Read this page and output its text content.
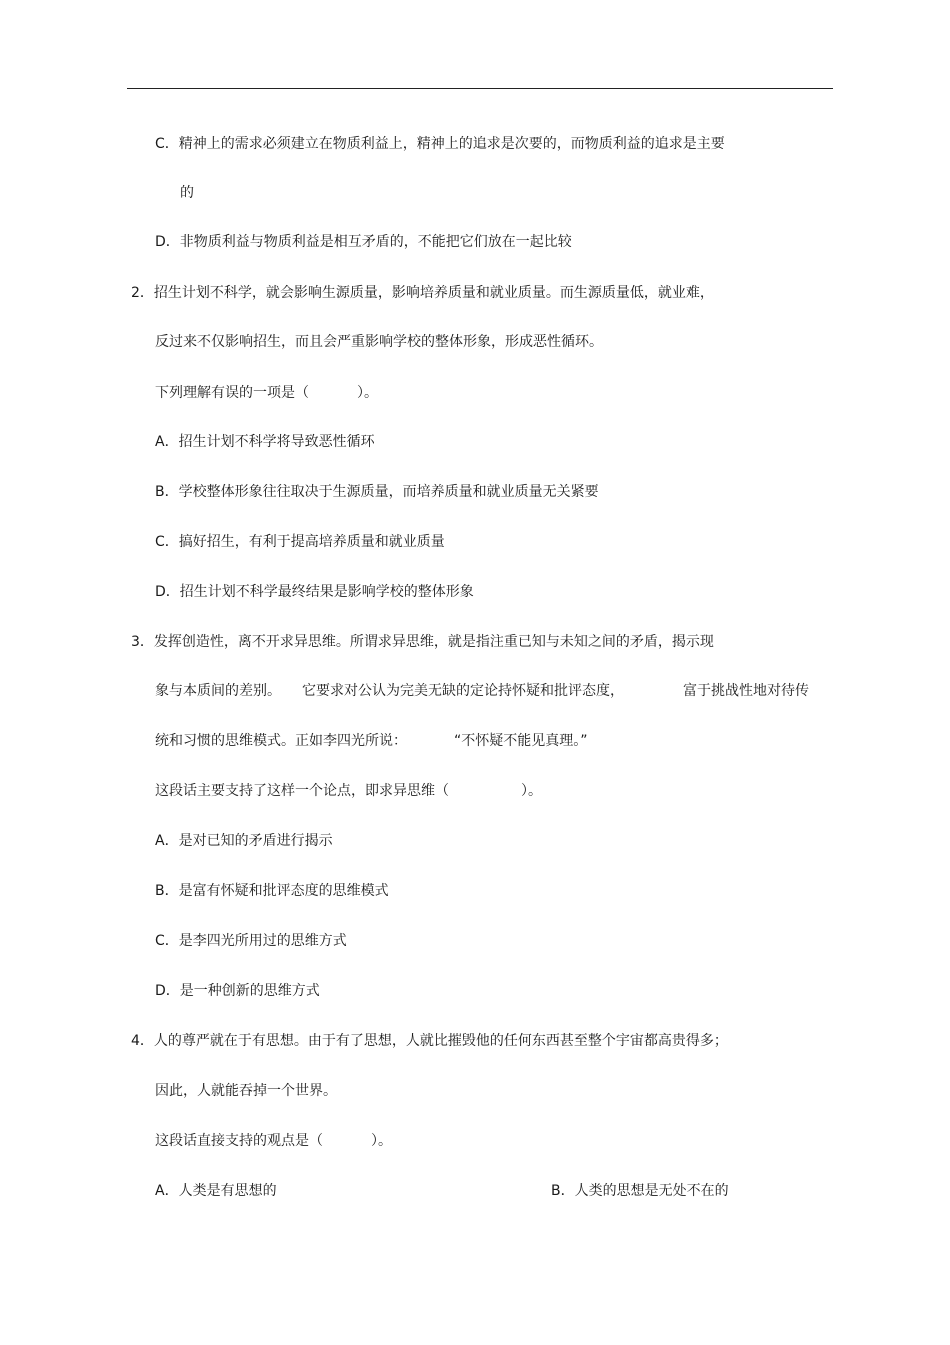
C．精神上的需求必须建立在物质利益上，精神上的追求是次要的，而物质利益的追求是主要
的
D．非物质利益与物质利益是相互矛盾的，不能把它们放在一起比较
2．招生计划不科学，就会影响生源质量，影响培养质量和就业质量。而生源质量低，就业难，
反过来不仅影响招生，而且会严重影响学校的整体形象，形成恶性循环。
下列理解有误的一项是（	）。
A．招生计划不科学将导致恶性循环
B．学校整体形象往往取决于生源质量，而培养质量和就业质量无关紧要
C．搞好招生，有利于提高培养质量和就业质量
D．招生计划不科学最终结果是影响学校的整体形象
3．发挥创造性，离不开求异思维。所谓求异思维，就是指注重已知与未知之间的矛盾，揭示现
象与本质间的差别。 它要求对公认为完美无缺的定论持怀疑和批评态度，	富于挑战性地对待传
统和习惯的思维模式。正如李四光所说：	“不怀疑不能见真理。”
这段话主要支持了这样一个论点，即求异思维（	）。
A．是对已知的矛盾进行揭示
B．是富有怀疑和批评态度的思维模式
C．是李四光所用过的思维方式
D．是一种创新的思维方式
4．人的尊严就在于有思想。由于有了思想，人就比摧毁他的任何东西甚至整个宇宙都高贵得多；
因此，人就能吞掉一个世界。
这段话直接支持的观点是（	）。
A．人类是有思想的	B．人类的思想是无处不在的
